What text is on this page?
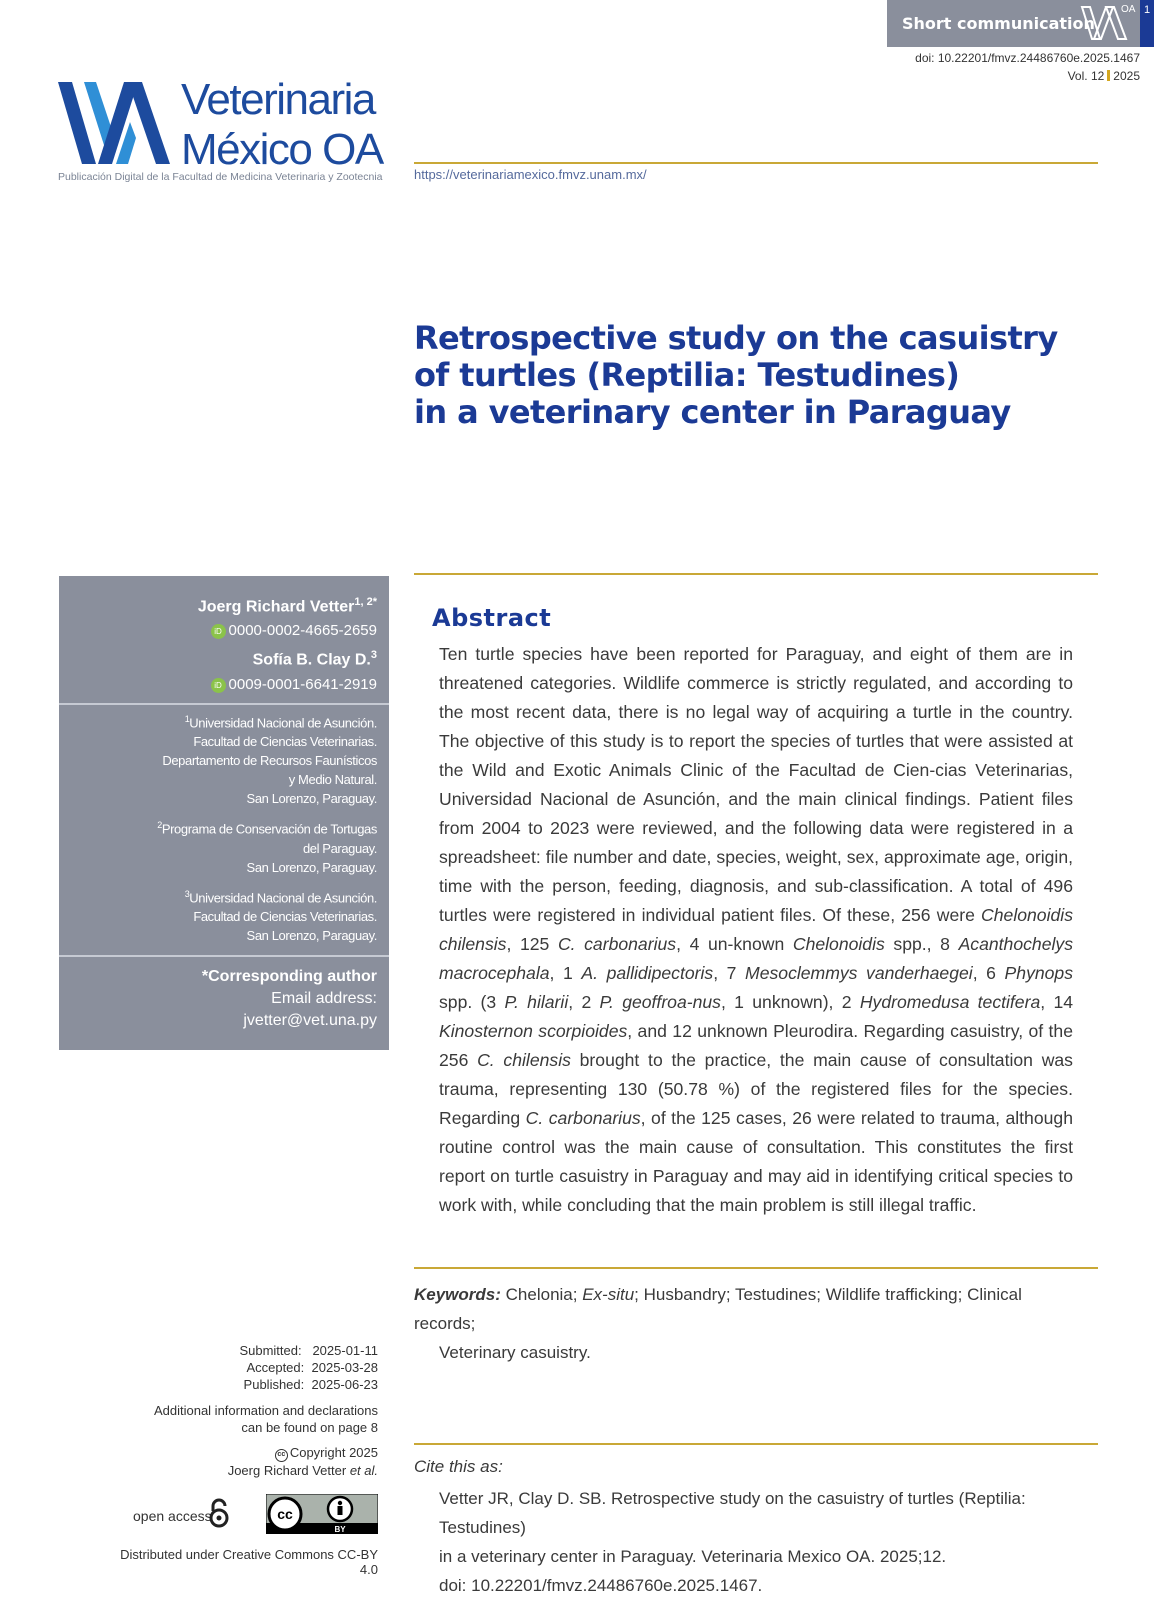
Short communication
OA 1
doi: 10.22201/fmvz.24486760e.2025.1467
Vol. 12 2025
Veterinaria
México OA
Publicación Digital de la Facultad de Medicina Veterinaria y Zootecnia https://veterinariamexico.fmvz.unam.mx/
Retrospective study on the casuistry
of turtles (Reptilia: Testudines)
in a veterinary center in Paraguay
Joerg Richard Vetter$^{1, 2*}$
iD 0000-0002-4665-2659
Sofía B. Clay D.$^3$
iD 0009-0001-6641-2919
$^1$Universidad Nacional de Asunción.
Facultad de Ciencias Veterinarias.
Departamento de Recursos Faunísticos
y Medio Natural.
San Lorenzo, Paraguay.
$^2$Programa de Conservación de Tortugas
del Paraguay.
San Lorenzo, Paraguay.
$^3$Universidad Nacional de Asunción.
Facultad de Ciencias Veterinarias.
San Lorenzo, Paraguay.
*Corresponding author
Email address:
jvetter@vet.una.py
Submitted: 2025-01-11
Accepted: 2025-03-28
Published: 2025-06-23
Additional information and declarations
can be found on page 8
cc Copyright 2025
Joerg Richard Vetter et al.
open access	cc
BY
Distributed under Creative Commons CC-BY 4.0
Abstract
Ten turtle species have been reported for Paraguay, and eight of them are in threatened categories. Wildlife commerce is strictly regulated, and according to the most recent data, there is no legal way of acquiring a turtle in the country. The objective of this study is to report the species of turtles that were assisted at the Wild and Exotic Animals Clinic of the Facultad de Cien-cias Veterinarias, Universidad Nacional de Asunción, and the main clinical findings. Patient files from 2004 to 2023 were reviewed, and the following data were registered in a spreadsheet: file number and date, species, weight, sex, approximate age, origin, time with the person, feeding, diagnosis, and sub-classification. A total of 496 turtles were registered in individual patient files. Of these, 256 were Chelonoidis chilensis, 125 C. carbonarius, 4 un-known Chelonoidis spp., 8 Acanthochelys macrocephala, 1 A. pallidipectoris, 7 Mesoclemmys vanderhaegei, 6 Phynops spp. (3 P. hilarii, 2 P. geoffroa-nus, 1 unknown), 2 Hydromedusa tectifera, 14 Kinosternon scorpioides, and 12 unknown Pleurodira. Regarding casuistry, of the 256 C. chilensis brought to the practice, the main cause of consultation was trauma, representing 130 (50.78 %) of the registered files for the species. Regarding C. carbonarius, of the 125 cases, 26 were related to trauma, although routine control was the main cause of consultation. This constitutes the first report on turtle casuistry in Paraguay and may aid in identifying critical species to work with, while concluding that the main problem is still illegal traffic.
Keywords: Chelonia; Ex-situ; Husbandry; Testudines; Wildlife trafficking; Clinical records;
Veterinary casuistry.
Cite this as:
Vetter JR, Clay D. SB. Retrospective study on the casuistry of turtles (Reptilia: Testudines)
in a veterinary center in Paraguay. Veterinaria Mexico OA. 2025;12.
doi: 10.22201/fmvz.24486760e.2025.1467.
